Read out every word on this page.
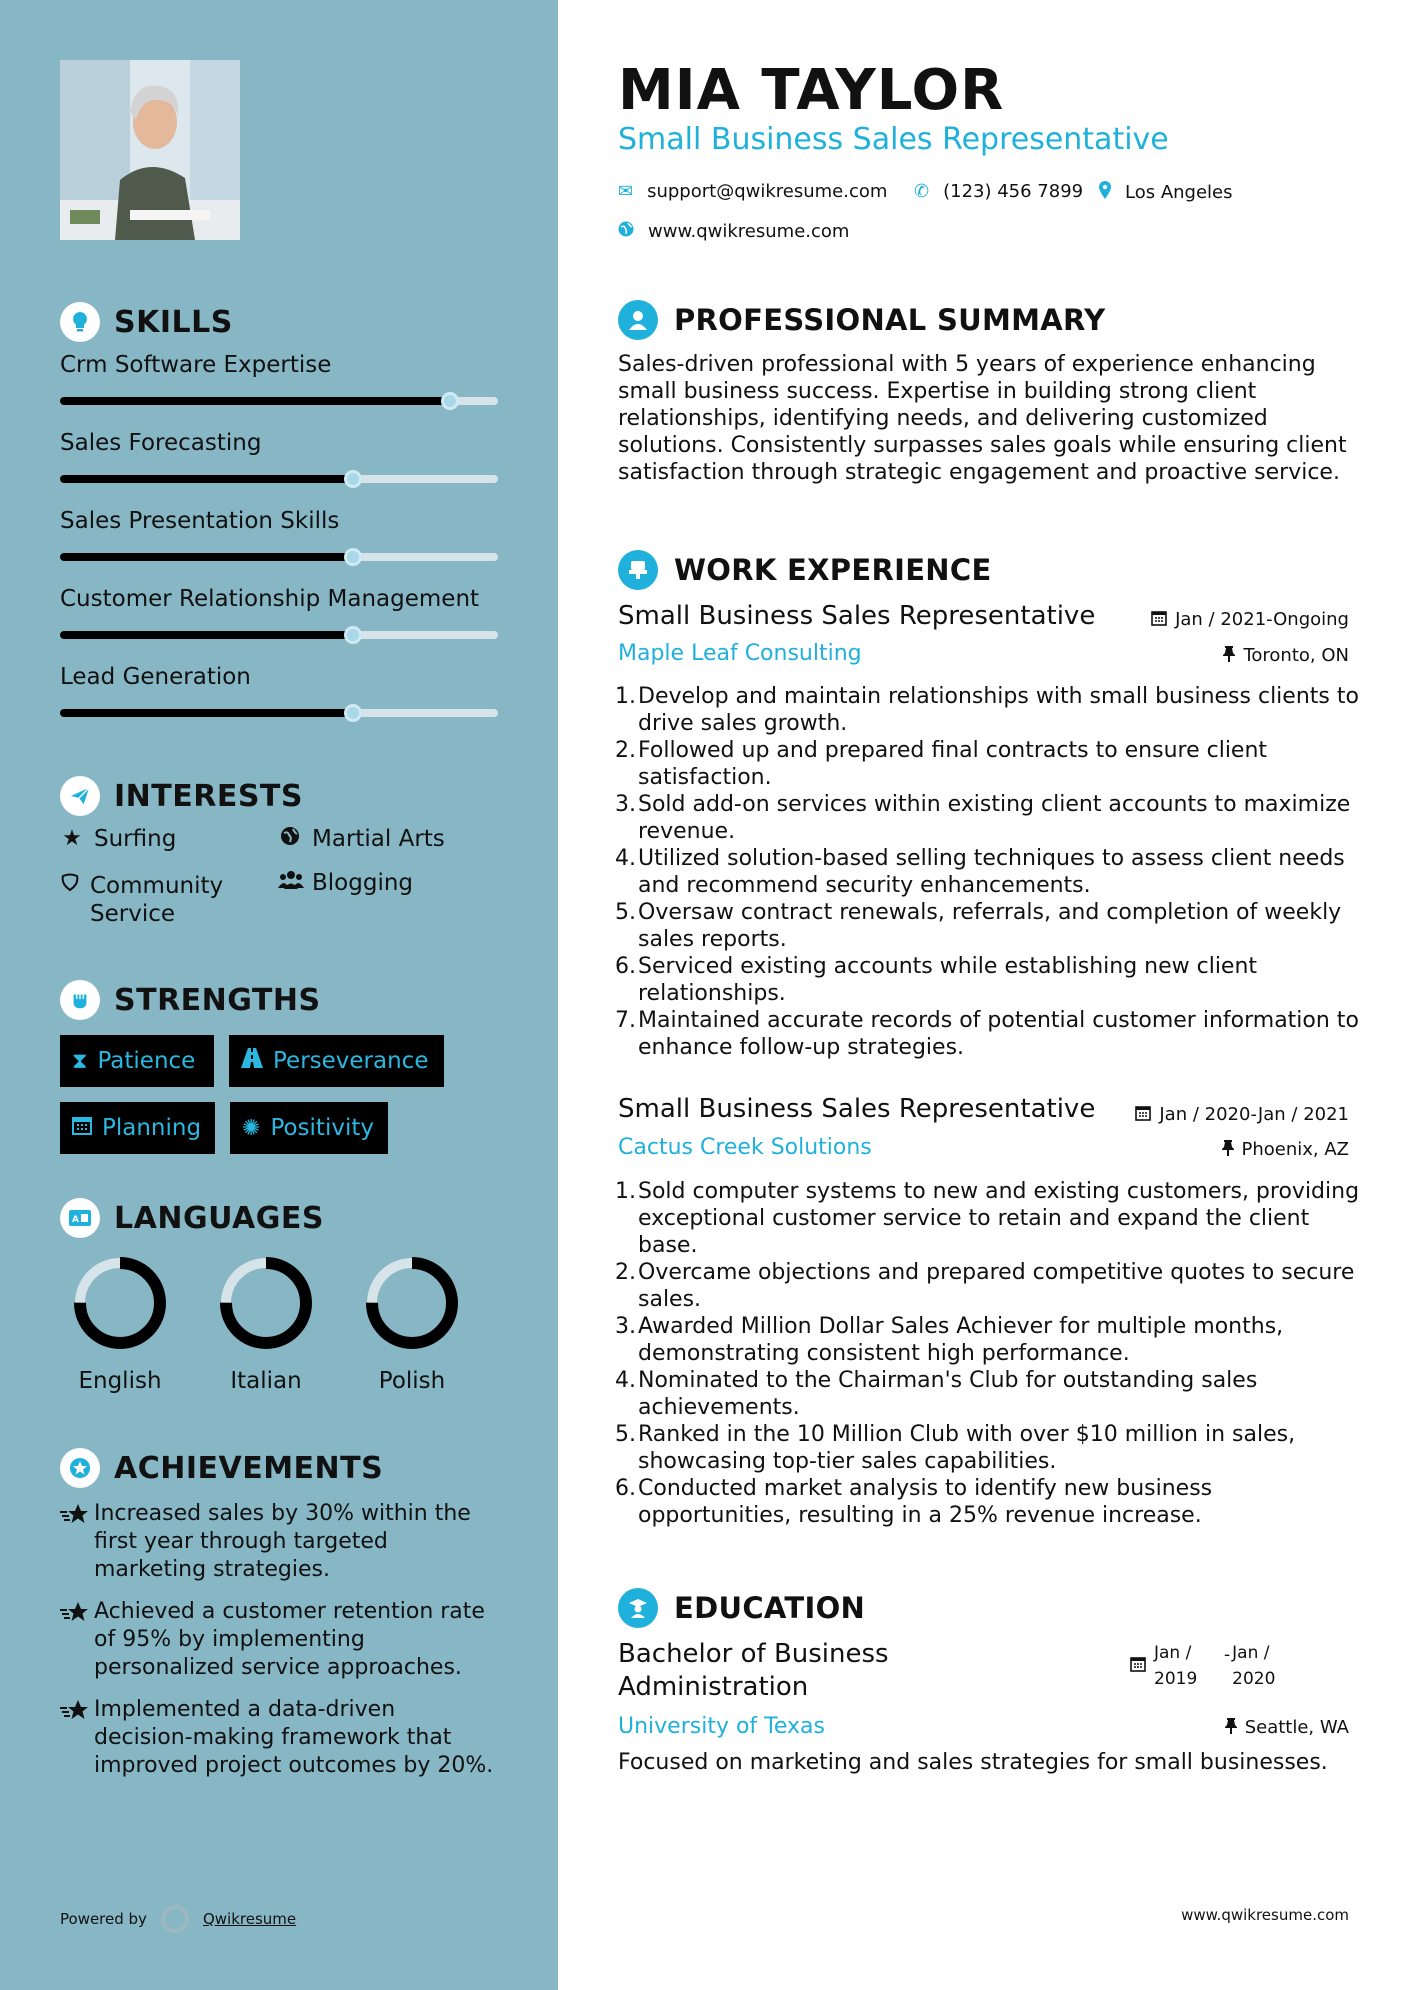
SKILLS
Crm Software Expertise
Sales Forecasting
Sales Presentation Skills
Customer Relationship Management
Lead Generation
INTERESTS
★ Surfing	Martial Arts
Community Service
Blogging
STRENGTHS
⧗ Patience	Perseverance
Planning ✺ Positivity
A LANGUAGES
English	Italian	Polish
ACHIEVEMENTS
Increased sales by 30% within the first year through targeted marketing strategies.
Achieved a customer retention rate of 95% by implementing personalized service approaches.
Implemented a data-driven decision-making framework that improved project outcomes by 20%.
Powered by	Qwikresume
MIA TAYLOR
Small Business Sales Representative
✉ support@qwikresume.com ✆ (123) 456 7899 Los Angeles
www.qwikresume.com
PROFESSIONAL SUMMARY
Sales-driven professional with 5 years of experience enhancing small business success. Expertise in building strong client relationships, identifying needs, and delivering customized solutions. Consistently surpasses sales goals while ensuring client satisfaction through strategic engagement and proactive service.
WORK EXPERIENCE
Small Business Sales Representative	Jan / 2021-Ongoing
Maple Leaf Consulting	Toronto, ON
1. Develop and maintain relationships with small business clients to drive sales growth.
2. Followed up and prepared final contracts to ensure client satisfaction.
3. Sold add-on services within existing client accounts to maximize revenue.
4. Utilized solution-based selling techniques to assess client needs and recommend security enhancements.
5. Oversaw contract renewals, referrals, and completion of weekly sales reports.
6. Serviced existing accounts while establishing new client relationships.
7. Maintained accurate records of potential customer information to enhance follow-up strategies.
Small Business Sales Representative	Jan / 2020-Jan / 2021
Cactus Creek Solutions	Phoenix, AZ
1. Sold computer systems to new and existing customers, providing exceptional customer service to retain and expand the client base.
2. Overcame objections and prepared competitive quotes to secure sales.
3. Awarded Million Dollar Sales Achiever for multiple months, demonstrating consistent high performance.
4. Nominated to the Chairman's Club for outstanding sales achievements.
5. Ranked in the 10 Million Club with over $10 million in sales, showcasing top-tier sales capabilities.
6. Conducted market analysis to identify new business opportunities, resulting in a 25% revenue increase.
EDUCATION
Bachelor of Business Administration
Jan /
2019
- Jan /
2020
University of Texas	Seattle, WA
Focused on marketing and sales strategies for small businesses.
www.qwikresume.com
